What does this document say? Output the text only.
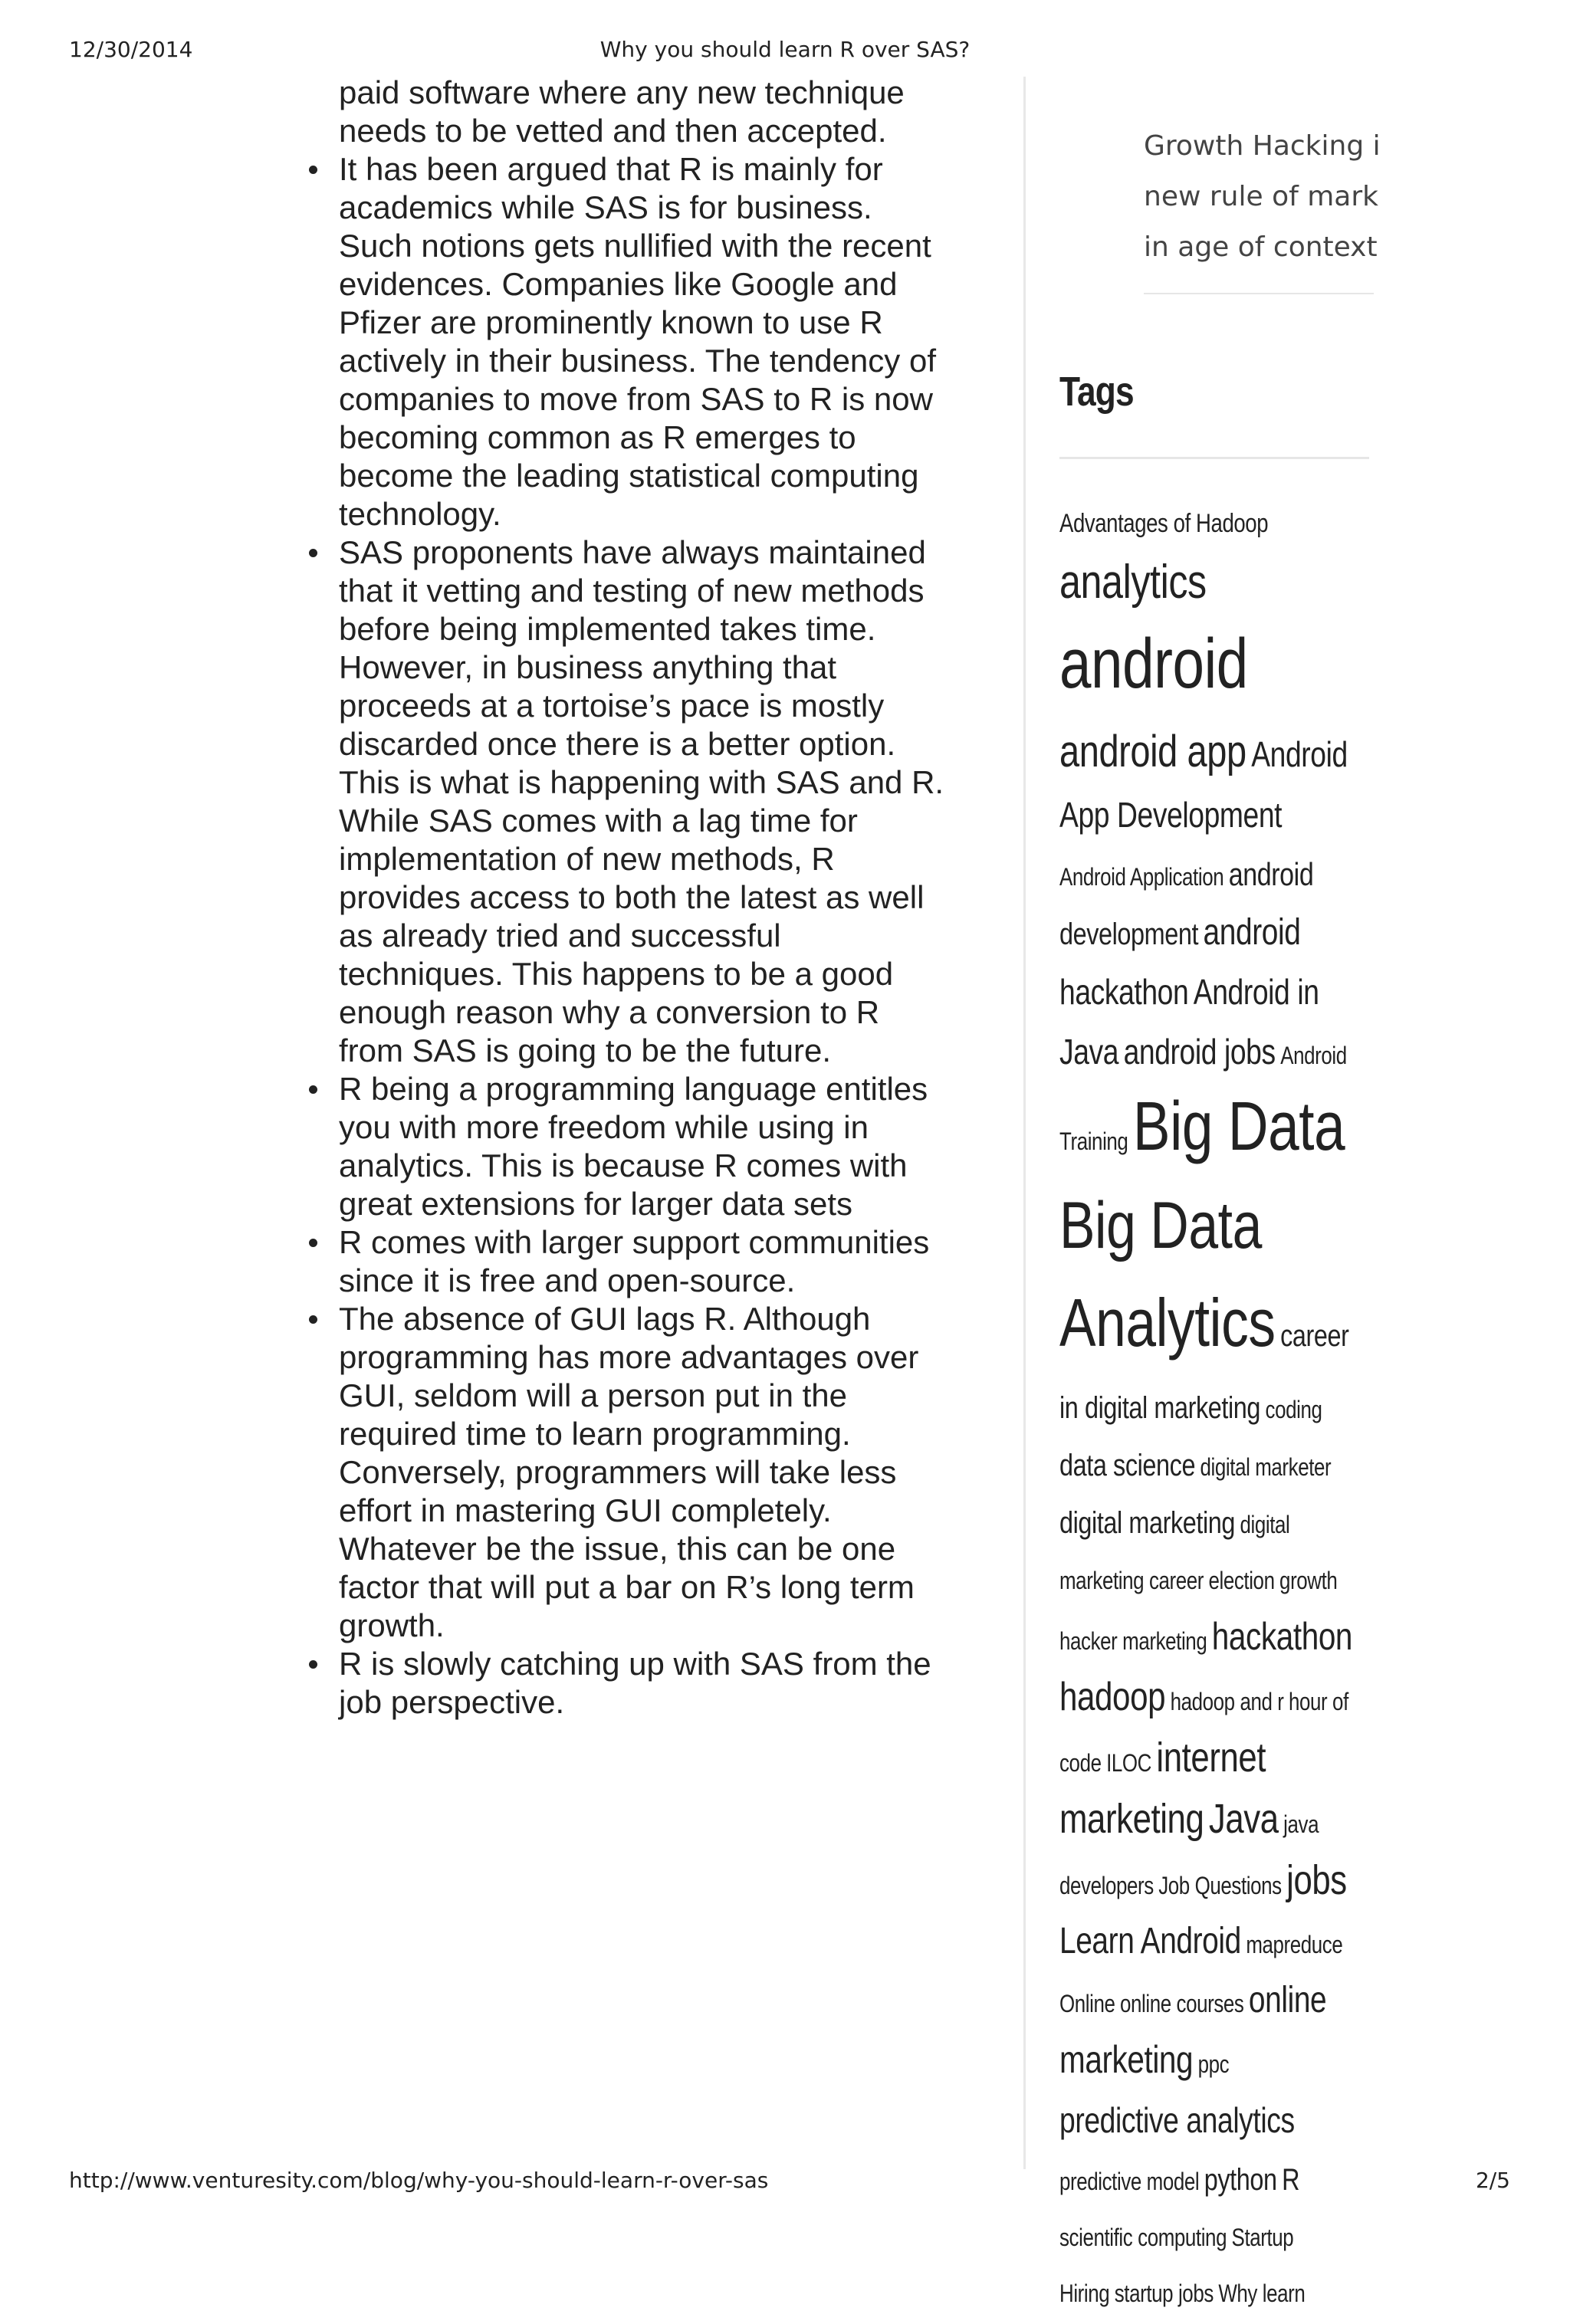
12/30/2014	Why you should learn R over SAS?
paid software where any new technique
needs to be vetted and then accepted.
It has been argued that R is mainly for
academics while SAS is for business.
Such notions gets nullified with the recent
evidences. Companies like Google and
Pfizer are prominently known to use R
actively in their business. The tendency of
companies to move from SAS to R is now
becoming common as R emerges to
become the leading statistical computing
technology.
SAS proponents have always maintained
that it vetting and testing of new methods
before being implemented takes time.
However, in business anything that
proceeds at a tortoise’s pace is mostly
discarded once there is a better option.
This is what is happening with SAS and R.
While SAS comes with a lag time for
implementation of new methods, R
provides access to both the latest as well
as already tried and successful
techniques. This happens to be a good
enough reason why a conversion to R
from SAS is going to be the future.
R being a programming language entitles
you with more freedom while using in
analytics. This is because R comes with
great extensions for larger data sets
R comes with larger support communities
since it is free and open-source.
The absence of GUI lags R. Although
programming has more advantages over
GUI, seldom will a person put in the
required time to learn programming.
Conversely, programmers will take less
effort in mastering GUI completely.
Whatever be the issue, this can be one
factor that will put a bar on R’s long term
growth.
R is slowly catching up with SAS from the
job perspective.
Growth Hacking i
new rule of mark
in age of context
Tags
Advantages of Hadoop
analytics
android
android app Android
App Development
Android Application android
development android
hackathon Android in
Java android jobs Android
TrainingBig Data
Big Data
Analytics career
in digital marketing coding
data science digital marketer
digital marketing digital
marketing career election growth
hacker marketing hackathon
hadoop hadoop and r hour of
code ILOC internet
marketing Java java
developers Job Questions jobs
Learn Android mapreduce
Online online courses online
marketing ppc
predictive analytics
predictive model python R
scientific computing Startup
Hiring startup jobs Why learn
http://www.venturesity.com/blog/why-you-should-learn-r-over-sas	2/5
